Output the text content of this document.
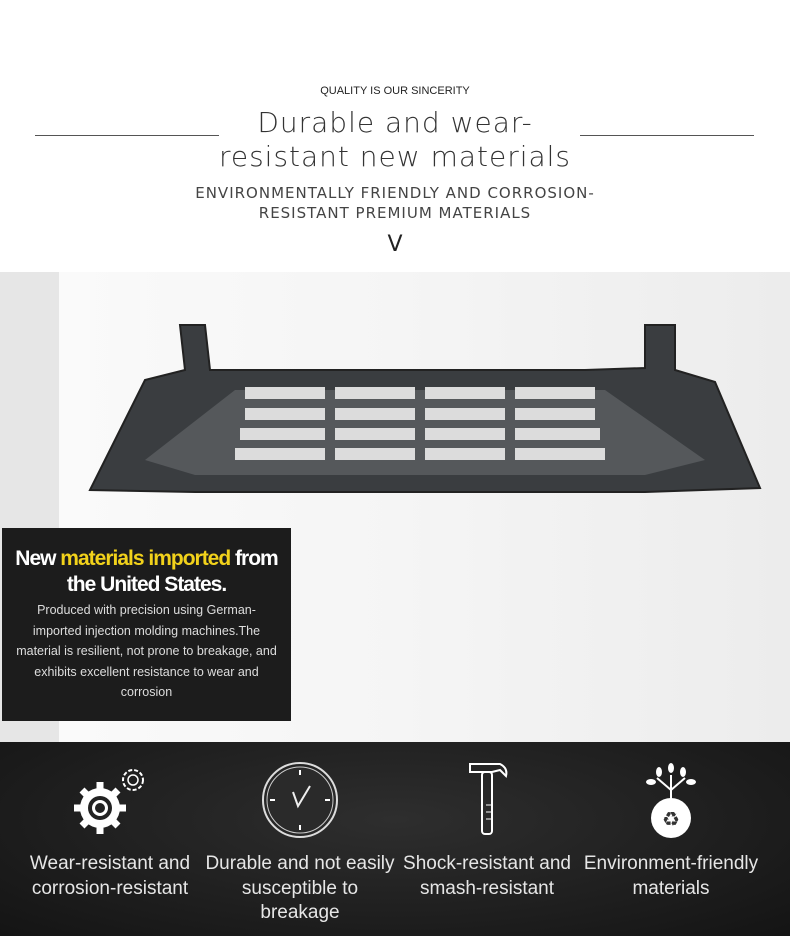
QUALITY IS OUR SINCERITY
Durable and wear-
resistant new materials
ENVIRONMENTALLY FRIENDLY AND CORROSION-
RESISTANT PREMIUM MATERIALS
V
New materials imported from the United States.

Produced with precision using German-imported injection molding machines.The material is resilient, not prone to breakage, and exhibits excellent resistance to wear and corrosion

Wear-resistant and corrosion-resistant
Durable and not easily susceptible to breakage
Shock-resistant and smash-resistant
♻
Environment-friendly materials
